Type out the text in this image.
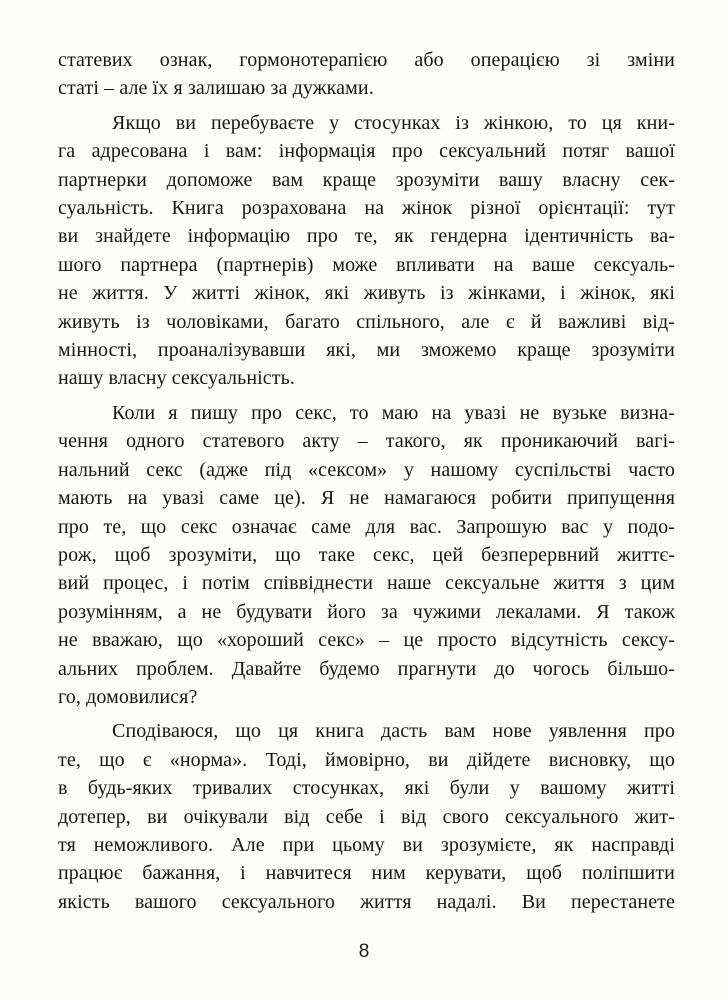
статевих ознак, гормонотерапією або операцією зі зміни
статі – але їх я залишаю за дужками.
Якщо ви перебуваєте у стосунках із жінкою, то ця кни-
га адресована і вам: інформація про сексуальний потяг вашої
партнерки допоможе вам краще зрозуміти вашу власну сек-
суальність. Книга розрахована на жінок різної орієнтації: тут
ви знайдете інформацію про те, як гендерна ідентичність ва-
шого партнера (партнерів) може впливати на ваше сексуаль-
не життя. У житті жінок, які живуть із жінками, і жінок, які
живуть із чоловіками, багато спільного, але є й важливі від-
мінності, проаналізувавши які, ми зможемо краще зрозуміти
нашу власну сексуальність.
Коли я пишу про секс, то маю на увазі не вузьке визна-
чення одного статевого акту – такого, як проникаючий вагі-
нальний секс (адже під «сексом» у нашому суспільстві часто
мають на увазі саме це). Я не намагаюся робити припущення
про те, що секс означає саме для вас. Запрошую вас у подо-
рож, щоб зрозуміти, що таке секс, цей безперервний життє-
вий процес, і потім співвіднести наше сексуальне життя з цим
розумінням, а не будувати його за чужими лекалами. Я також
не вважаю, що «хороший секс» – це просто відсутність сексу-
альних проблем. Давайте будемо прагнути до чогось більшо-
го, домовилися?
Сподіваюся, що ця книга дасть вам нове уявлення про
те, що є «норма». Тоді, ймовірно, ви дійдете висновку, що
в будь-яких тривалих стосунках, які були у вашому житті
дотепер, ви очікували від себе і від свого сексуального жит-
тя неможливого. Але при цьому ви зрозумієте, як насправді
працює бажання, і навчитеся ним керувати, щоб поліпшити
якість вашого сексуального життя надалі. Ви перестанете
8
